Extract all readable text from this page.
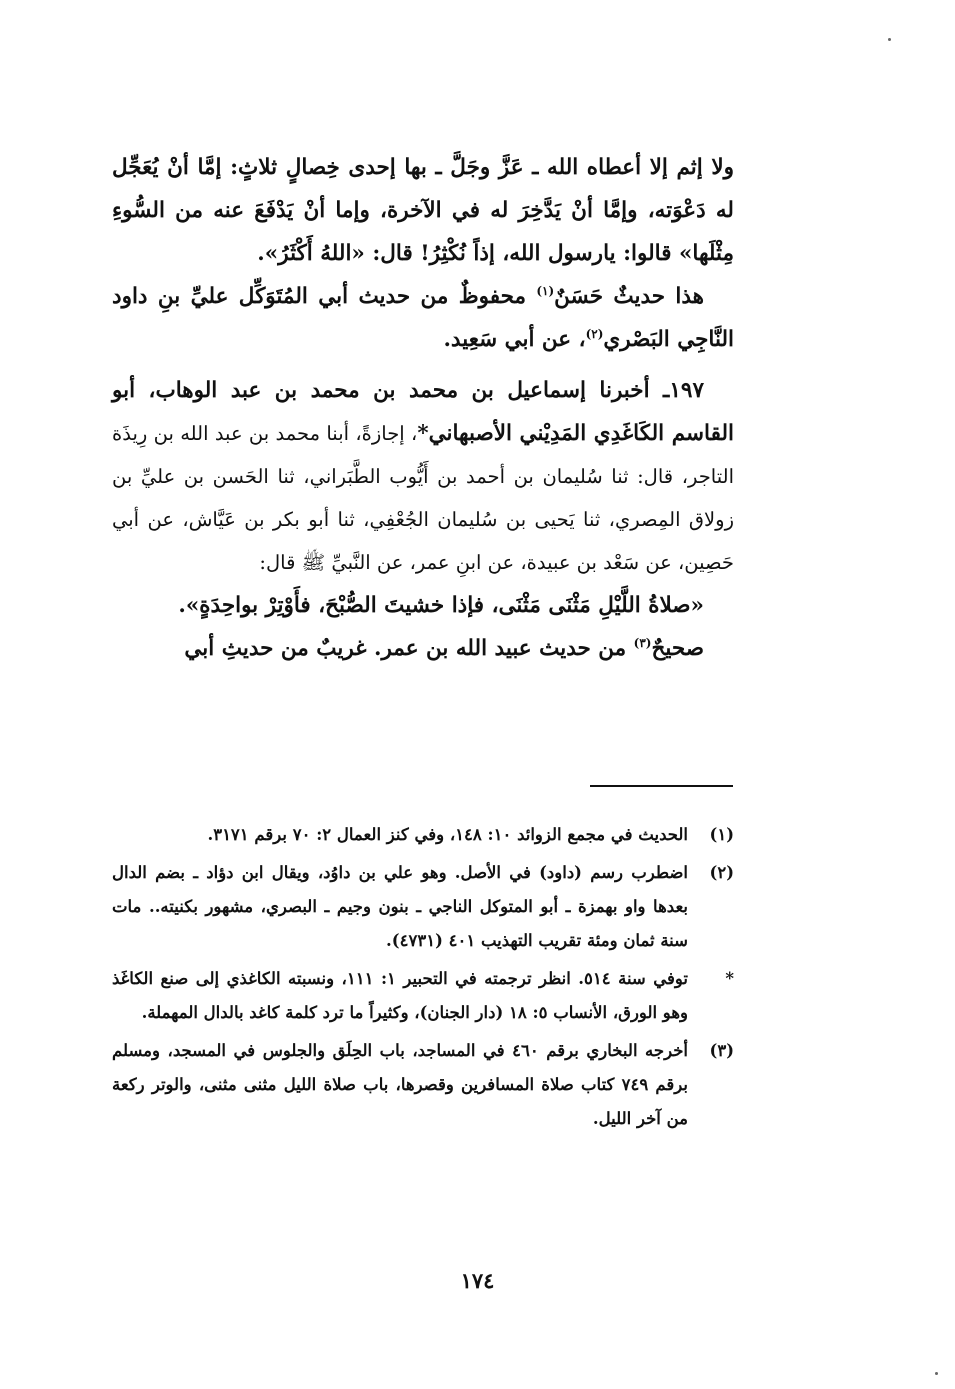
ولا إثم إلا أعطاه الله ـ عَزَّ وجَلَّ ـ بها إحدى خِصالٍ ثلاثٍ: إمَّا أنْ يُعَجِّل له دَعْوَته، وإمَّا أنْ يَدَّخِرَ له في الآخرة، وإما أنْ يَدْفَعَ عنه من السُّوءِ مِثْلَها» قالوا: يارسول الله، إذاً نُكْثِرُ! قال: «اللهُ أَكْثَرُ».

هذا حديثٌ حَسَنٌ$^{(١)}$ محفوظٌ من حديث أبي المُتَوَكِّل عليِّ بنِ داود النَّاجِي البَصْري$^{(٢)}$، عن أبي سَعِيد.

١٩٧ـ أخبرنا إسماعيل بن محمد بن محمد بن عبد الوهاب، أبو القاسم الكَاغَدِي المَدِيْني الأصبهاني*، إجازةً، أبنا محمد بن عبد الله بن رِيذَة التاجر، قال: ثنا سُليمان بن أحمد بن أَيُّوب الطَّبَراني، ثنا الحَسن بن عليِّ بن زولاق المِصري، ثنا يَحيى بن سُليمان الجُعْفِي، ثنا أبو بكر بن عَيَّاش، عن أبي حَصِين، عن سَعْد بن عبيدة، عن ابنِ عمر، عن النَّبيِّ ﷺ قال:

«صلاةُ اللَّيْلِ مَثْنَى مَثْنَى، فإذا خشيتَ الصُّبْحَ، فأَوْتِرْ بواحِدَةٍ».

صحيحٌ$^{(٣)}$ من حديث عبيد الله بن عمر. غريبٌ من حديثِ أبي

(١)
الحديث في مجمع الزوائد ١٠: ١٤٨، وفي كنز العمال ٢: ٧٠ برقم ٣١٧١.
(٢)
اضطرب رسم (داود) في الأصل. وهو علي بن داوُد، ويقال ابن دؤاد ـ بضم الدال بعدها واو بهمزة ـ أبو المتوكل الناجي ـ بنون وجيم ـ البصري، مشهور بكنيته.. مات سنة ثمان ومئة تقريب التهذيب ٤٠١ (٤٧٣١).
*
توفي سنة ٥١٤. انظر ترجمته في التحبير ١: ١١١، ونسبته الكاغذي إلى صنع الكاغَذ وهو الورق، الأنساب ٥: ١٨ (دار الجنان)، وكثيراً ما ترد كلمة كاغد بالدال المهملة.
(٣)
أخرجه البخاري برقم ٤٦٠ في المساجد، باب الحِلَق والجلوس في المسجد، ومسلم برقم ٧٤٩ كتاب صلاة المسافرين وقصرها، باب صلاة الليل مثنى مثنى، والوتر ركعة من آخر الليل.
١٧٤
